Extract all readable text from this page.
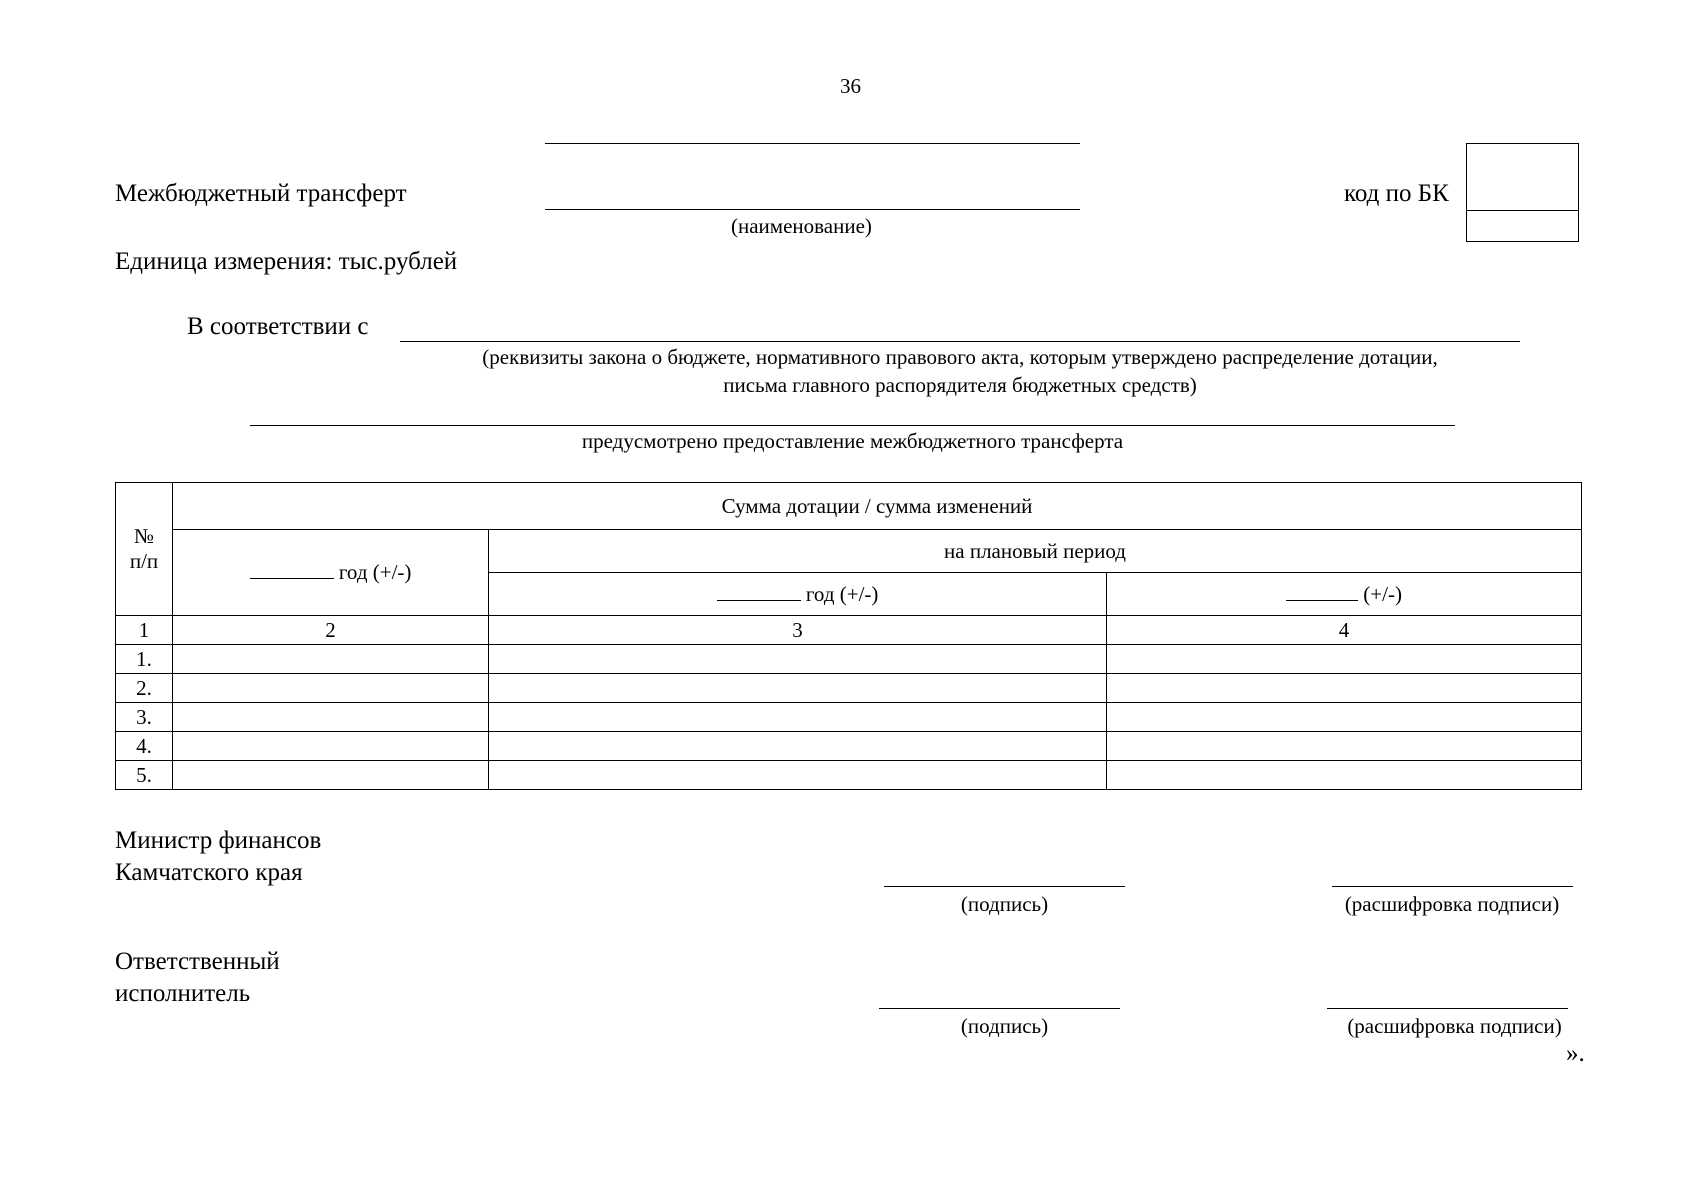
36
Межбюджетный трансферт
(наименование)
код по БК
Единица измерения: тыс.рублей
В соответствии с
(реквизиты закона о бюджете, нормативного правового акта, которым утверждено распределение дотации,
письма главного распорядителя бюджетных средств)
предусмотрено предоставление межбюджетного трансферта
№
п/п	Сумма дотации / сумма изменений		
	год (+/-)	на плановый период	
		год (+/-)	(+/-)
1	2	3	4
1.			
2.			
3.			
4.			
5.			
Министр финансов
Камчатского края
(подпись)	(расшифровка подписи)
Ответственный
исполнитель
(подпись)	(расшифровка подписи)
».
